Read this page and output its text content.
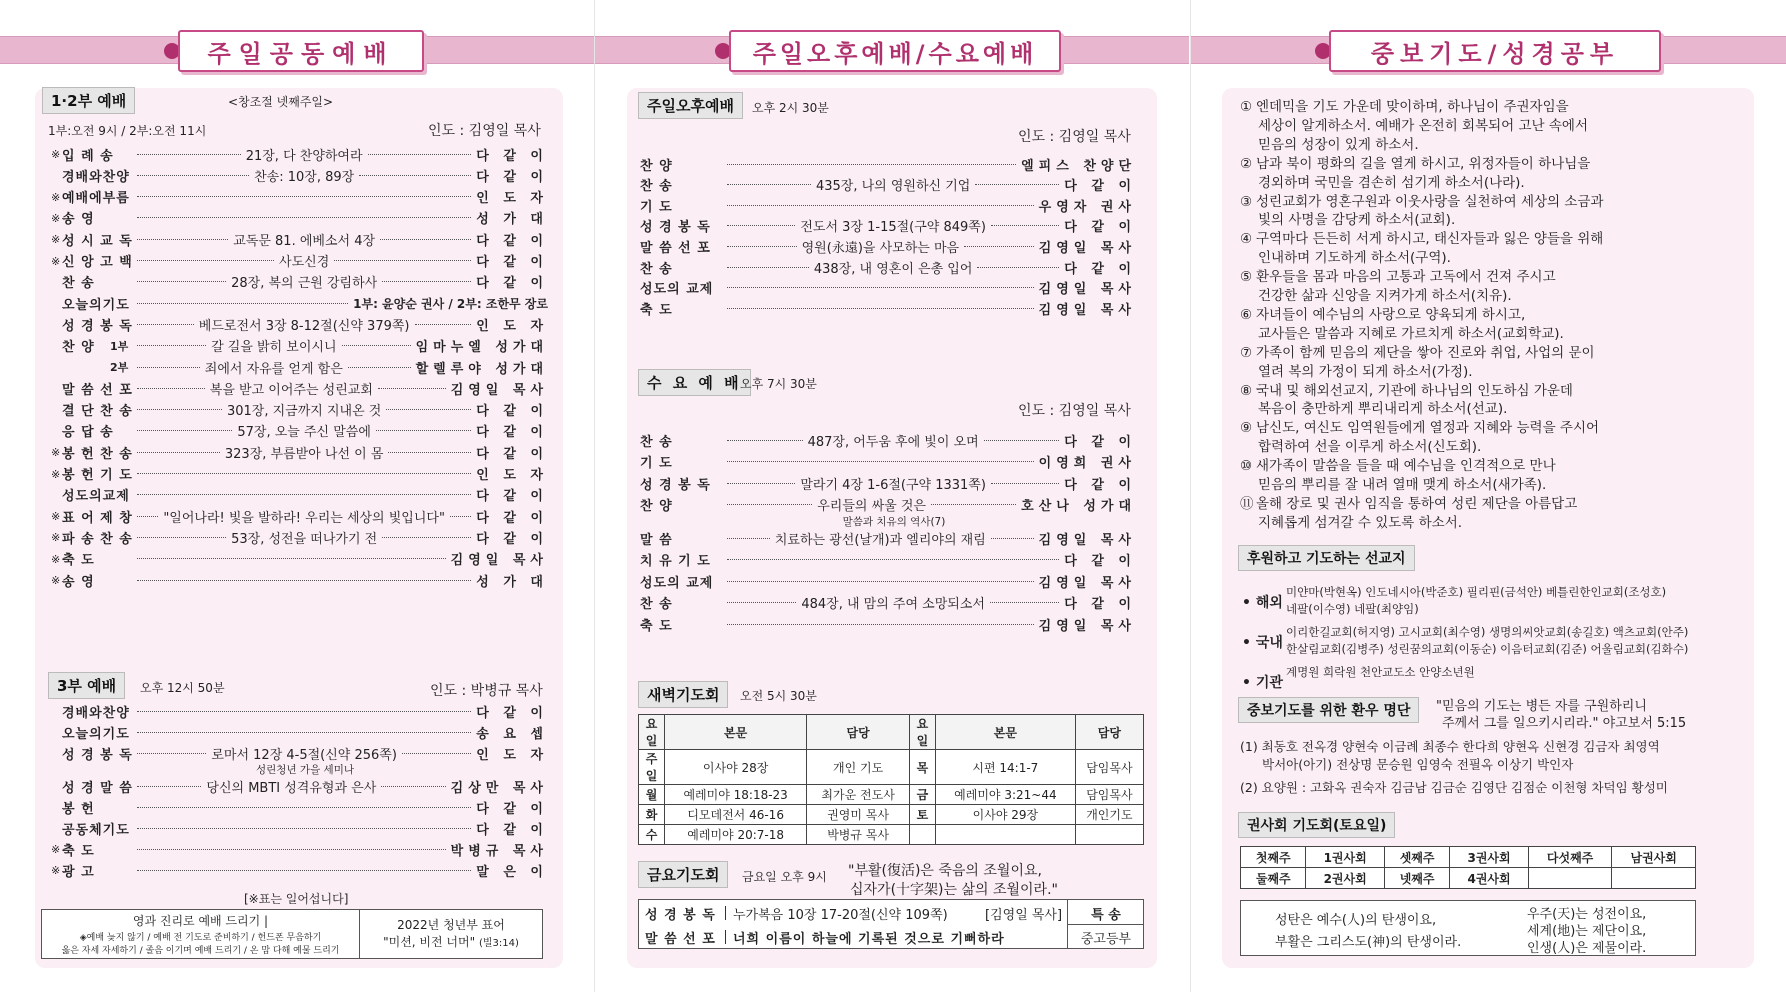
주일공동예배	주일오후예배/수요예배	중보기도/성경공부
1·2부 예배	<창조절 넷째주일>
1부:오전 9시 / 2부:오전 11시	인도 : 김영일 목사
※ 입 례 송	21장, 다 찬양하여라	다 같 이
경배와찬양	찬송: 10장, 89장	다 같 이
※ 예배에부름	인 도 자
※ 송 영	성 가 대
※ 성 시 교 독	교독문 81. 에베소서 4장	다 같 이
※ 신 앙 고 백	사도신경	다 같 이
찬 송	28장, 복의 근원 강림하사	다 같 이
오늘의기도	1부: 윤양순 권사 / 2부: 조한무 장로
성 경 봉 독	베드로전서 3장 8-12절(신약 379쪽)	인 도 자
찬 양	1부	갈 길을 밝히 보이시니	임마누엘 성가대
2부	죄에서 자유를 얻게 함은	할렐루야 성가대
말 씀 선 포	복을 받고 이어주는 성린교회	김영일 목사
결 단 찬 송	301장, 지금까지 지내온 것	다 같 이
응 답 송	57장, 오늘 주신 말씀에	다 같 이
※ 봉 헌 찬 송	323장, 부름받아 나선 이 몸	다 같 이
※ 봉 헌 기 도	인 도 자
성도의교제	다 같 이
※ 표 어 제 창 "일어나라! 빛을 발하라! 우리는 세상의 빛입니다" 다 같 이
※ 파 송 찬 송	53장, 성전을 떠나가기 전	다 같 이
※ 축 도	김영일 목사
※ 송 영	성 가 대
3부 예배	오후 12시 50분	인도 : 박병규 목사
경배와찬양	다 같 이
오늘의기도	송 요 셉
성 경 봉 독	로마서 12장 4-5절(신약 256쪽)	인 도 자
성린청년 가을 세미나
성 경 말 씀	당신의 MBTI 성격유형과 은사	김상만 목사
봉 헌	다 같 이
공동체기도	다 같 이
※ 축 도	박병규 목사
※ 광 고	말 은 이
[※표는 일어섭니다]
영과 진리로 예배 드리기 |
◈예배 늦지 않기 / 예배 전 기도로 준비하기 / 헌드폰 무음하기
옳은 자세 자세하기 / 졸음 이기며 예배 드리기 / 온 맘 다해 예물 드리기
2022년 청년부 표어
"미션, 비전 너머" (빌3:14)
주일오후예배	오후 2시 30분
인도 : 김영일 목사
찬 양	엘피스 찬양단
찬 송	435장, 나의 영원하신 기업	다 같 이
기 도	우영자 권사
성 경 봉 독	전도서 3장 1-15절(구약 849쪽)	다 같 이
말 씀 선 포	영원(永遠)을 사모하는 마음	김영일 목사
찬 송	438장, 내 영혼이 은총 입어	다 같 이
성도의 교제	김영일 목사
축 도	김영일 목사
수 요 예 배
오후 7시 30분
인도 : 김영일 목사
찬 송	487장, 어두움 후에 빛이 오며	다 같 이
기 도	이영희 권사
성 경 봉 독	말라기 4장 1-6절(구약 1331쪽)	다 같 이
찬 양	우리들의 싸울 것은	호산나 성가대
말씀과 치유의 역사(7)
말 씀	치료하는 광선(날개)과 엘리야의 재림	김영일 목사
치 유 기 도	다 같 이
성도의 교제	김영일 목사
찬 송	484장, 내 맘의 주여 소망되소서	다 같 이
축 도	김영일 목사
새벽기도회	오전 5시 30분
요일	본문	담당	요일	본문	담당
주일	이사야 28장	개인 기도	목	시편 14:1-7	담임목사
월	예레미야 18:18-23	최가운 전도사	금	예레미야 3:21~44	담임목사
화	디모데전서 46-16	권영미 목사	토	이사야 29장	개인기도
수	예레미야 20:7-18	박병규 목사			
금요기도회	금요일 오후 9시 "부활(復活)은 죽음의 조월이요,
십자가(十字架)는 삶의 조월이라."
성 경 봉 독 누가복음 10장 17-20절(신약 109쪽)	[김영일 목사]	특 송
말 씀 선 포 너희 이름이 하늘에 기록된 것으로 기뻐하라	중고등부
① 엔데믹을 기도 가운데 맞이하며, 하나님이 주권자임을
세상이 알게하소서. 예배가 온전히 회복되어 고난 속에서
믿음의 성장이 있게 하소서.
② 남과 북이 평화의 길을 열게 하시고, 위정자들이 하나님을
경외하며 국민을 겸손히 섬기게 하소서(나라).
③ 성린교회가 영혼구원과 이웃사랑을 실천하여 세상의 소금과
빛의 사명을 감당케 하소서(교회).
④ 구역마다 든든히 서게 하시고, 태신자들과 잃은 양들을 위해
인내하며 기도하게 하소서(구역).
⑤ 환우들을 몸과 마음의 고통과 고독에서 건져 주시고
건강한 삶과 신앙을 지켜가게 하소서(치유).
⑥ 자녀들이 예수님의 사랑으로 양육되게 하시고,
교사들은 말씀과 지혜로 가르치게 하소서(교회학교).
⑦ 가족이 함께 믿음의 제단을 쌓아 진로와 취업, 사업의 문이
열려 복의 가정이 되게 하소서(가정).
⑧ 국내 및 해외선교지, 기관에 하나님의 인도하심 가운데
복음이 충만하게 뿌리내리게 하소서(선교).
⑨ 남신도, 여신도 임역원들에게 열정과 지혜와 능력을 주시어
합력하여 선을 이루게 하소서(신도회).
⑩ 새가족이 말씀을 들을 때 예수님을 인격적으로 만나
믿음의 뿌리를 잘 내려 열매 맺게 하소서(새가족).
⑪ 올해 장로 및 권사 임직을 통하여 성린 제단을 아름답고
지혜롭게 섬겨갈 수 있도록 하소서.
후원하고 기도하는 선교지
• 해외
미얀마(박현옥) 인도네시아(박준호) 필리핀(금석안) 베틀린한인교회(조성호)
네팔(이수영) 네팔(최양임)
• 국내
이리한길교회(허지영) 고시교회(최수영) 생명의씨앗교회(송길호) 액츠교회(안주)
한살림교회(김병주) 성린꿈의교회(이동순) 이음터교회(김준) 어울림교회(김화수)
• 기관
계명원 희락원 천안교도소 안양소년원
중보기도를 위한 환우 명단	"믿음의 기도는 병든 자를 구원하리니
주께서 그를 일으키시리라." 야고보서 5:15
(1) 최동호 전옥경 양현숙 이금례 최종수 한다희 양현옥 신현경 김금자 최영역
박서아(아기) 전상명 문승원 임영숙 전필옥 이상기 박인자
(2) 요양원 : 고화옥 권숙자 김금남 김금순 김영단 김점순 이천형 차덕임 황성미
권사회 기도회(토요일)
첫째주	1권사회	셋째주	3권사회	다섯째주	남권사회
둘째주	2권사회	넷째주	4권사회		
성탄은 예수(人)의 탄생이요,
부활은 그리스도(神)의 탄생이라.
우주(天)는 성전이요,
세계(地)는 제단이요,
인생(人)은 제물이라.
